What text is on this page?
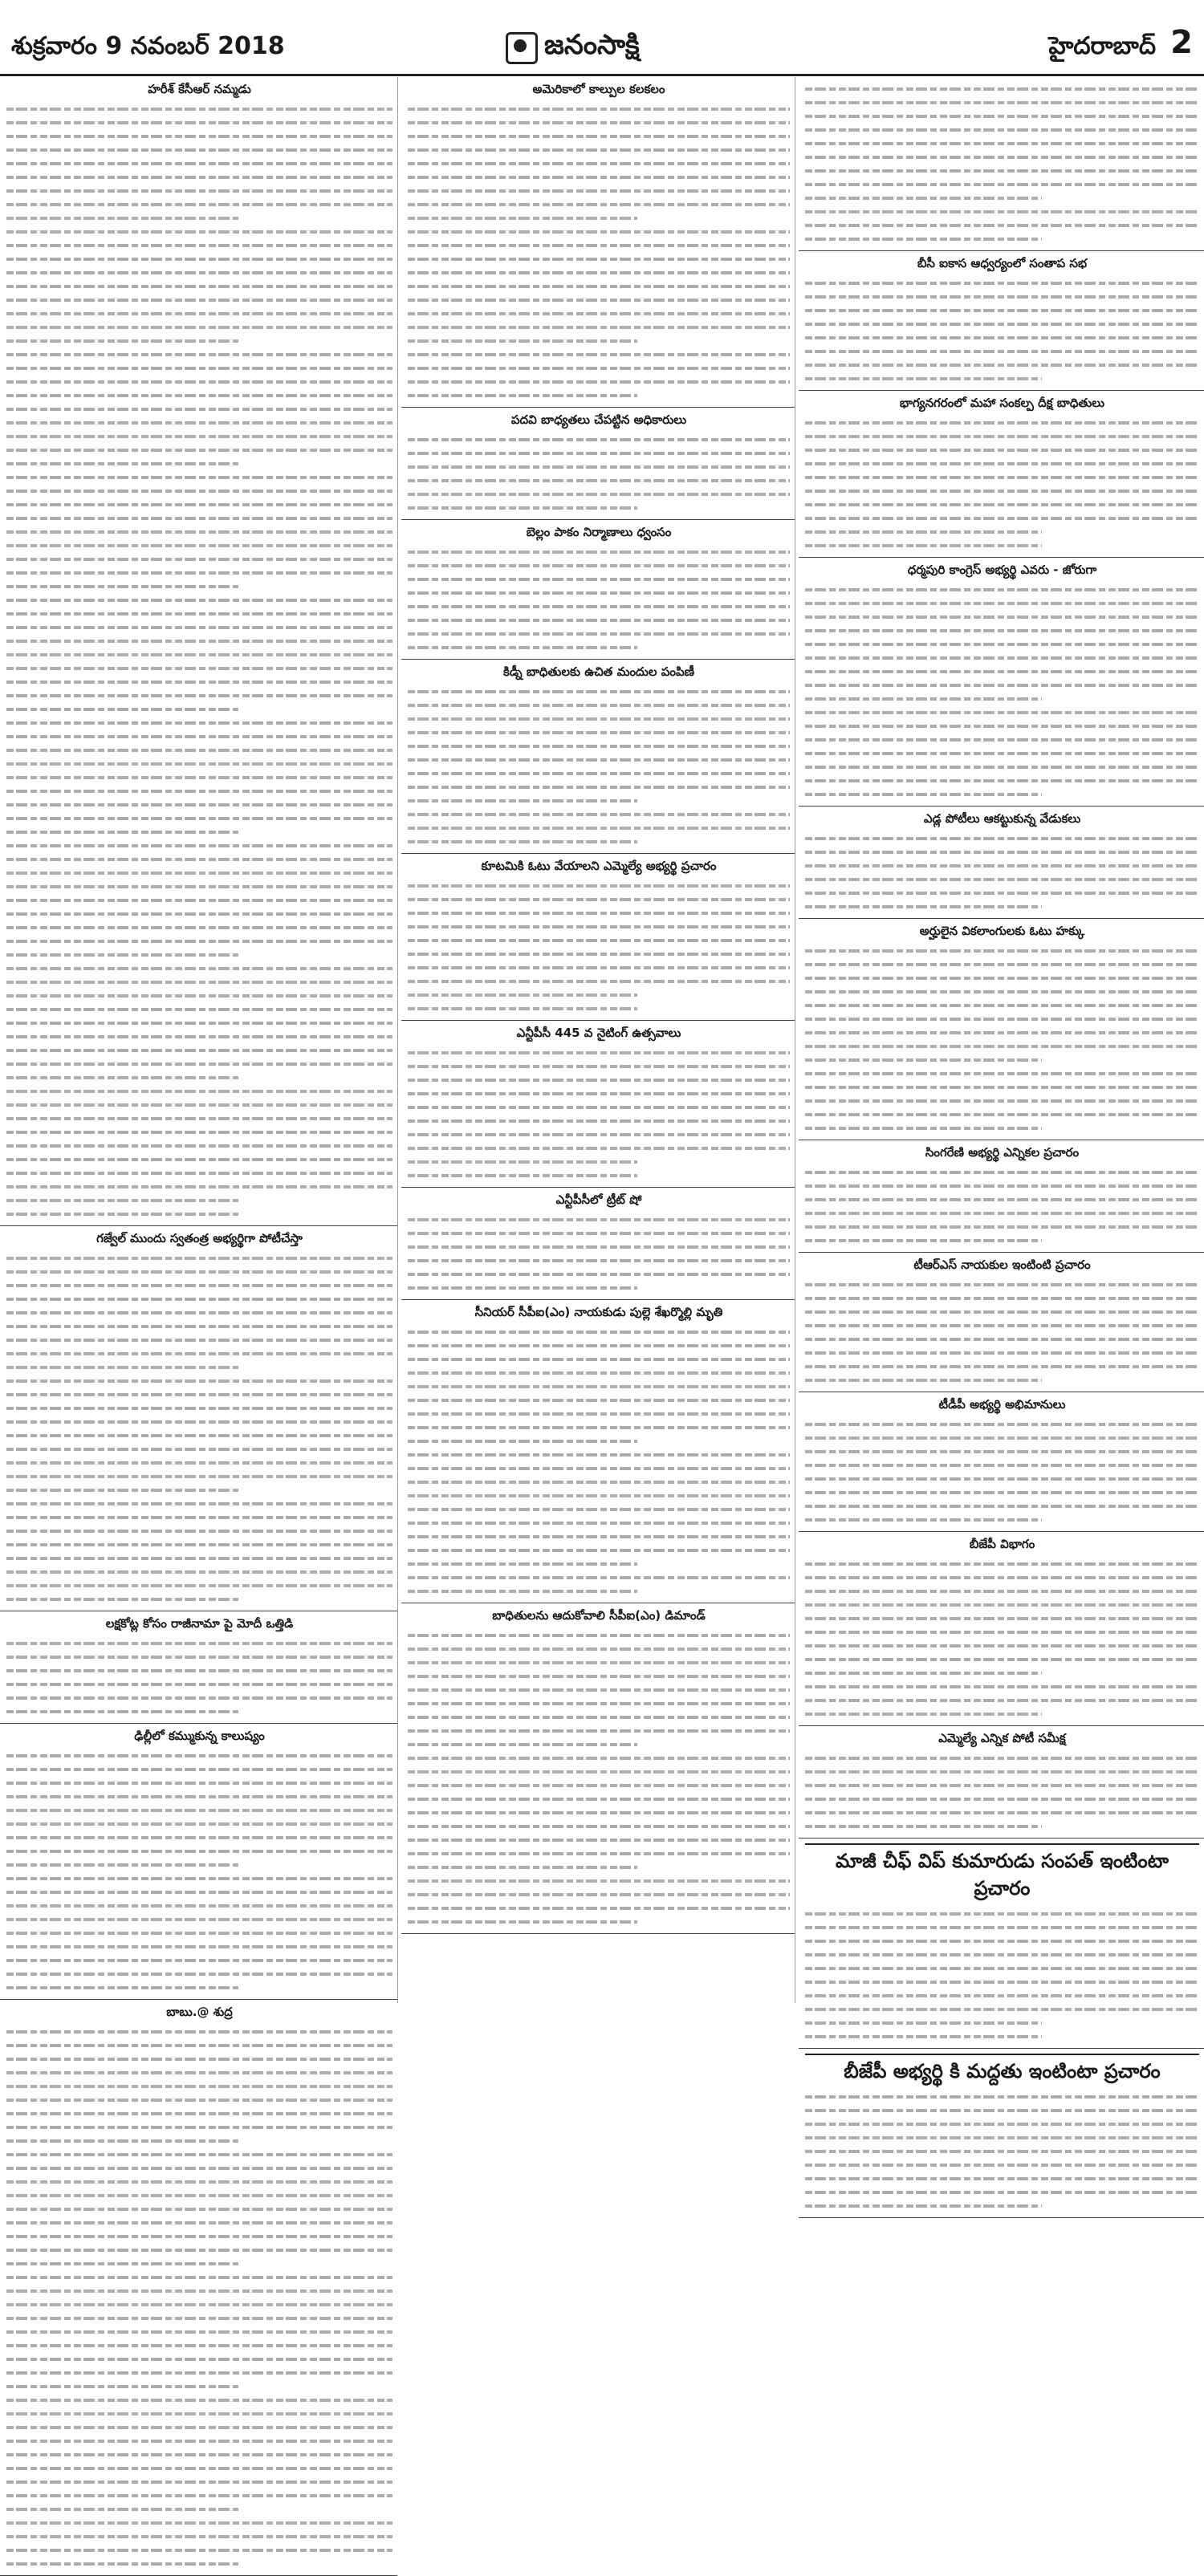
శుక్రవారం 9 నవంబర్ 2018	జనంసాక్షి	హైదరాబాద్ 2
హరీశ్ కేసీఆర్ నమ్మడు
గజ్వేల్ ముందు స్వతంత్ర అభ్యర్థిగా పోటీచేస్తా
లక్షకోట్ల కోసం రాజీనామా పై మోదీ ఒత్తిడి
ఢిల్లీలో కమ్ముకున్న కాలుష్యం
బాబు.@ శుద్ర
అమెరికాలో కాల్పుల కలకలం
పదవి బాధ్యతలు చేపట్టిన అధికారులు
బెల్లం పాకం నిర్మాణాలు ధ్వంసం
కిడ్నీ బాధితులకు ఉచిత మందుల పంపిణీ
కూటమికి ఓటు వేయాలని ఎమ్మెల్యే అభ్యర్థి ప్రచారం
ఎన్టీపీసీ 445 వ నైటింగ్ ఉత్సవాలు
ఎన్టీపీసీలో ట్రీట్ షో
సీనియర్ సీపీఐ(ఎం) నాయకుడు పుల్లె శేఖర్మొల్లి మృతి
బాధితులను ఆదుకోవాలి సీపీఐ(ఎం) డిమాండ్
బీసీ ఐకాస ఆధ్వర్యంలో సంతాప సభ
భాగ్యనగరంలో మహా సంకల్ప దీక్ష బాధితులు
ధర్మపురి కాంగ్రెస్ అభ్యర్థి ఎవరు - జోరుగా
ఎడ్ల పోటీలు ఆకట్టుకున్న వేడుకలు
అర్హులైన వికలాంగులకు ఓటు హక్కు
సింగరేణి అభ్యర్థి ఎన్నికల ప్రచారం
టీఆర్ఎస్ నాయకుల ఇంటింటి ప్రచారం
టీడీపీ అభ్యర్థి అభిమానులు
బీజేపీ విభాగం
ఎమ్మెల్యే ఎన్నిక పోటీ సమీక్ష
మాజీ చీఫ్ విప్ కుమారుడు సంపత్ ఇంటింటా ప్రచారం
బీజేపీ అభ్యర్థి కి మద్దతు ఇంటింటా ప్రచారం
